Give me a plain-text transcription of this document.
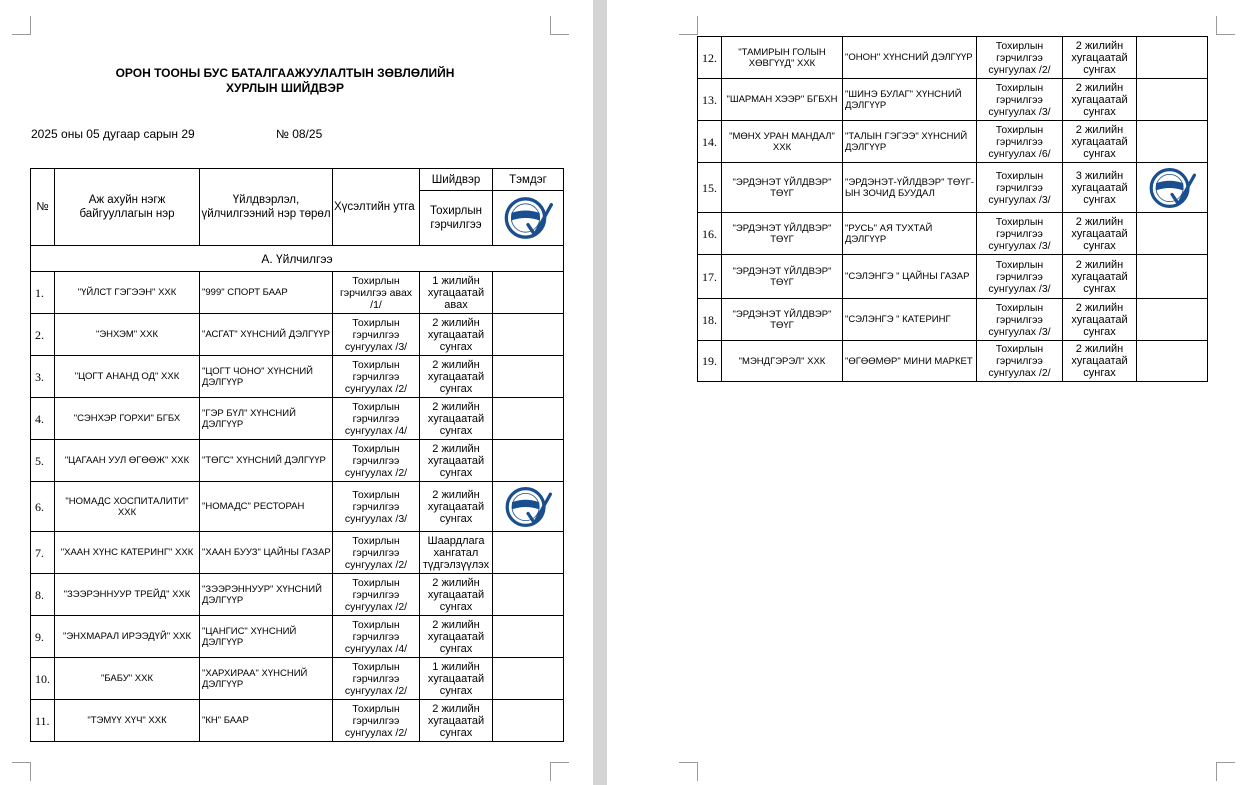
ОРОН ТООНЫ БУС БАТАЛГААЖУУЛАЛТЫН ЗӨВЛӨЛИЙН
ХУРЛЫН ШИЙДВЭР
2025 оны 05 дугаар сарын 29	№ 08/25
№	Аж ахуйн нэгж байгууллагын нэр	Үйлдвэрлэл, үйлчилгээний нэр төрөл	Хүсэлтийн утга	Шийдвэр	Тэмдэг
				Тохирлын гэрчилгээ	

А. Үйлчилгээ					
1.	"ҮЙЛСТ ГЭГЭЭН" ХХК	"999" СПОРТ БААР	Тохирлын гэрчилгээ авах /1/	1 жилийн хугацаатай авах	
2.	"ЭНХЭМ" ХХК	"АСГАТ" ХҮНСНИЙ ДЭЛГҮҮР	Тохирлын гэрчилгээ сунгуулах /3/	2 жилийн хугацаатай сунгах	
3.	"ЦОГТ АНАНД ОД" ХХК	"ЦОГТ ЧОНО" ХҮНСНИЙ ДЭЛГҮҮР	Тохирлын гэрчилгээ сунгуулах /2/	2 жилийн хугацаатай сунгах	
4.	"СЭНХЭР ГОРХИ" БГБХ	"ГЭР БҮЛ" ХҮНСНИЙ ДЭЛГҮҮР	Тохирлын гэрчилгээ сунгуулах /4/	2 жилийн хугацаатай сунгах	
5.	"ЦАГААН УУЛ ӨГӨӨЖ" ХХК	"ТӨГС" ХҮНСНИЙ ДЭЛГҮҮР	Тохирлын гэрчилгээ сунгуулах /2/	2 жилийн хугацаатай сунгах	
6.	"НОМАДС ХОСПИТАЛИТИ" ХХК	"НОМАДС" РЕСТОРАН	Тохирлын гэрчилгээ сунгуулах /3/	2 жилийн хугацаатай сунгах	

7.	"ХААН ХҮНС КАТЕРИНГ" ХХК	"ХААН БУУЗ" ЦАЙНЫ ГАЗАР	Тохирлын гэрчилгээ сунгуулах /2/	Шаардлага хангатал түдгэлзүүлэх	
8.	"ЗЭЭРЭННУУР ТРЕЙД" ХХК	"ЗЭЭРЭННУУР" ХҮНСНИЙ ДЭЛГҮҮР	Тохирлын гэрчилгээ сунгуулах /2/	2 жилийн хугацаатай сунгах	
9.	"ЭНХМАРАЛ ИРЭЭДҮЙ" ХХК	"ЦАНГИС" ХҮНСНИЙ ДЭЛГҮҮР	Тохирлын гэрчилгээ сунгуулах /4/	2 жилийн хугацаатай сунгах	
10.	"БАБУ" ХХК	"ХАРХИРАА" ХҮНСНИЙ ДЭЛГҮҮР	Тохирлын гэрчилгээ сунгуулах /2/	1 жилийн хугацаатай сунгах	
11.	"ТЭМҮҮ ХҮЧ" ХХК	"КН" БААР	Тохирлын гэрчилгээ сунгуулах /2/	2 жилийн хугацаатай сунгах	
12.	"ТАМИРЫН ГОЛЫН ХӨВГҮҮД" ХХК	"ОНОН" ХҮНСНИЙ ДЭЛГҮҮР	Тохирлын гэрчилгээ сунгуулах /2/	2 жилийн хугацаатай сунгах	
13.	"ШАРМАН ХЭЭР" БГБХН	"ШИНЭ БУЛАГ" ХҮНСНИЙ ДЭЛГҮҮР	Тохирлын гэрчилгээ сунгуулах /3/	2 жилийн хугацаатай сунгах	
14.	"МӨНХ УРАН МАНДАЛ" ХХК	"ТАЛЫН ГЭГЭЭ" ХҮНСНИЙ ДЭЛГҮҮР	Тохирлын гэрчилгээ сунгуулах /6/	2 жилийн хугацаатай сунгах	
15.	"ЭРДЭНЭТ ҮЙЛДВЭР" ТӨҮГ	"ЭРДЭНЭТ-ҮЙЛДВЭР" ТӨҮГ-ЫН ЗОЧИД БУУДАЛ	Тохирлын гэрчилгээ сунгуулах /3/	3 жилийн хугацаатай сунгах	

16.	"ЭРДЭНЭТ ҮЙЛДВЭР" ТӨҮГ	"РУСЬ" АЯ ТУХТАЙ ДЭЛГҮҮР	Тохирлын гэрчилгээ сунгуулах /3/	2 жилийн хугацаатай сунгах	
17.	"ЭРДЭНЭТ ҮЙЛДВЭР" ТӨҮГ	"СЭЛЭНГЭ " ЦАЙНЫ ГАЗАР	Тохирлын гэрчилгээ сунгуулах /3/	2 жилийн хугацаатай сунгах	
18.	"ЭРДЭНЭТ ҮЙЛДВЭР" ТӨҮГ	"СЭЛЭНГЭ " КАТЕРИНГ	Тохирлын гэрчилгээ сунгуулах /3/	2 жилийн хугацаатай сунгах	
19.	"МЭНДГЭРЭЛ" ХХК	"ӨГӨӨМӨР" МИНИ МАРКЕТ	Тохирлын гэрчилгээ сунгуулах /2/	2 жилийн хугацаатай сунгах	
